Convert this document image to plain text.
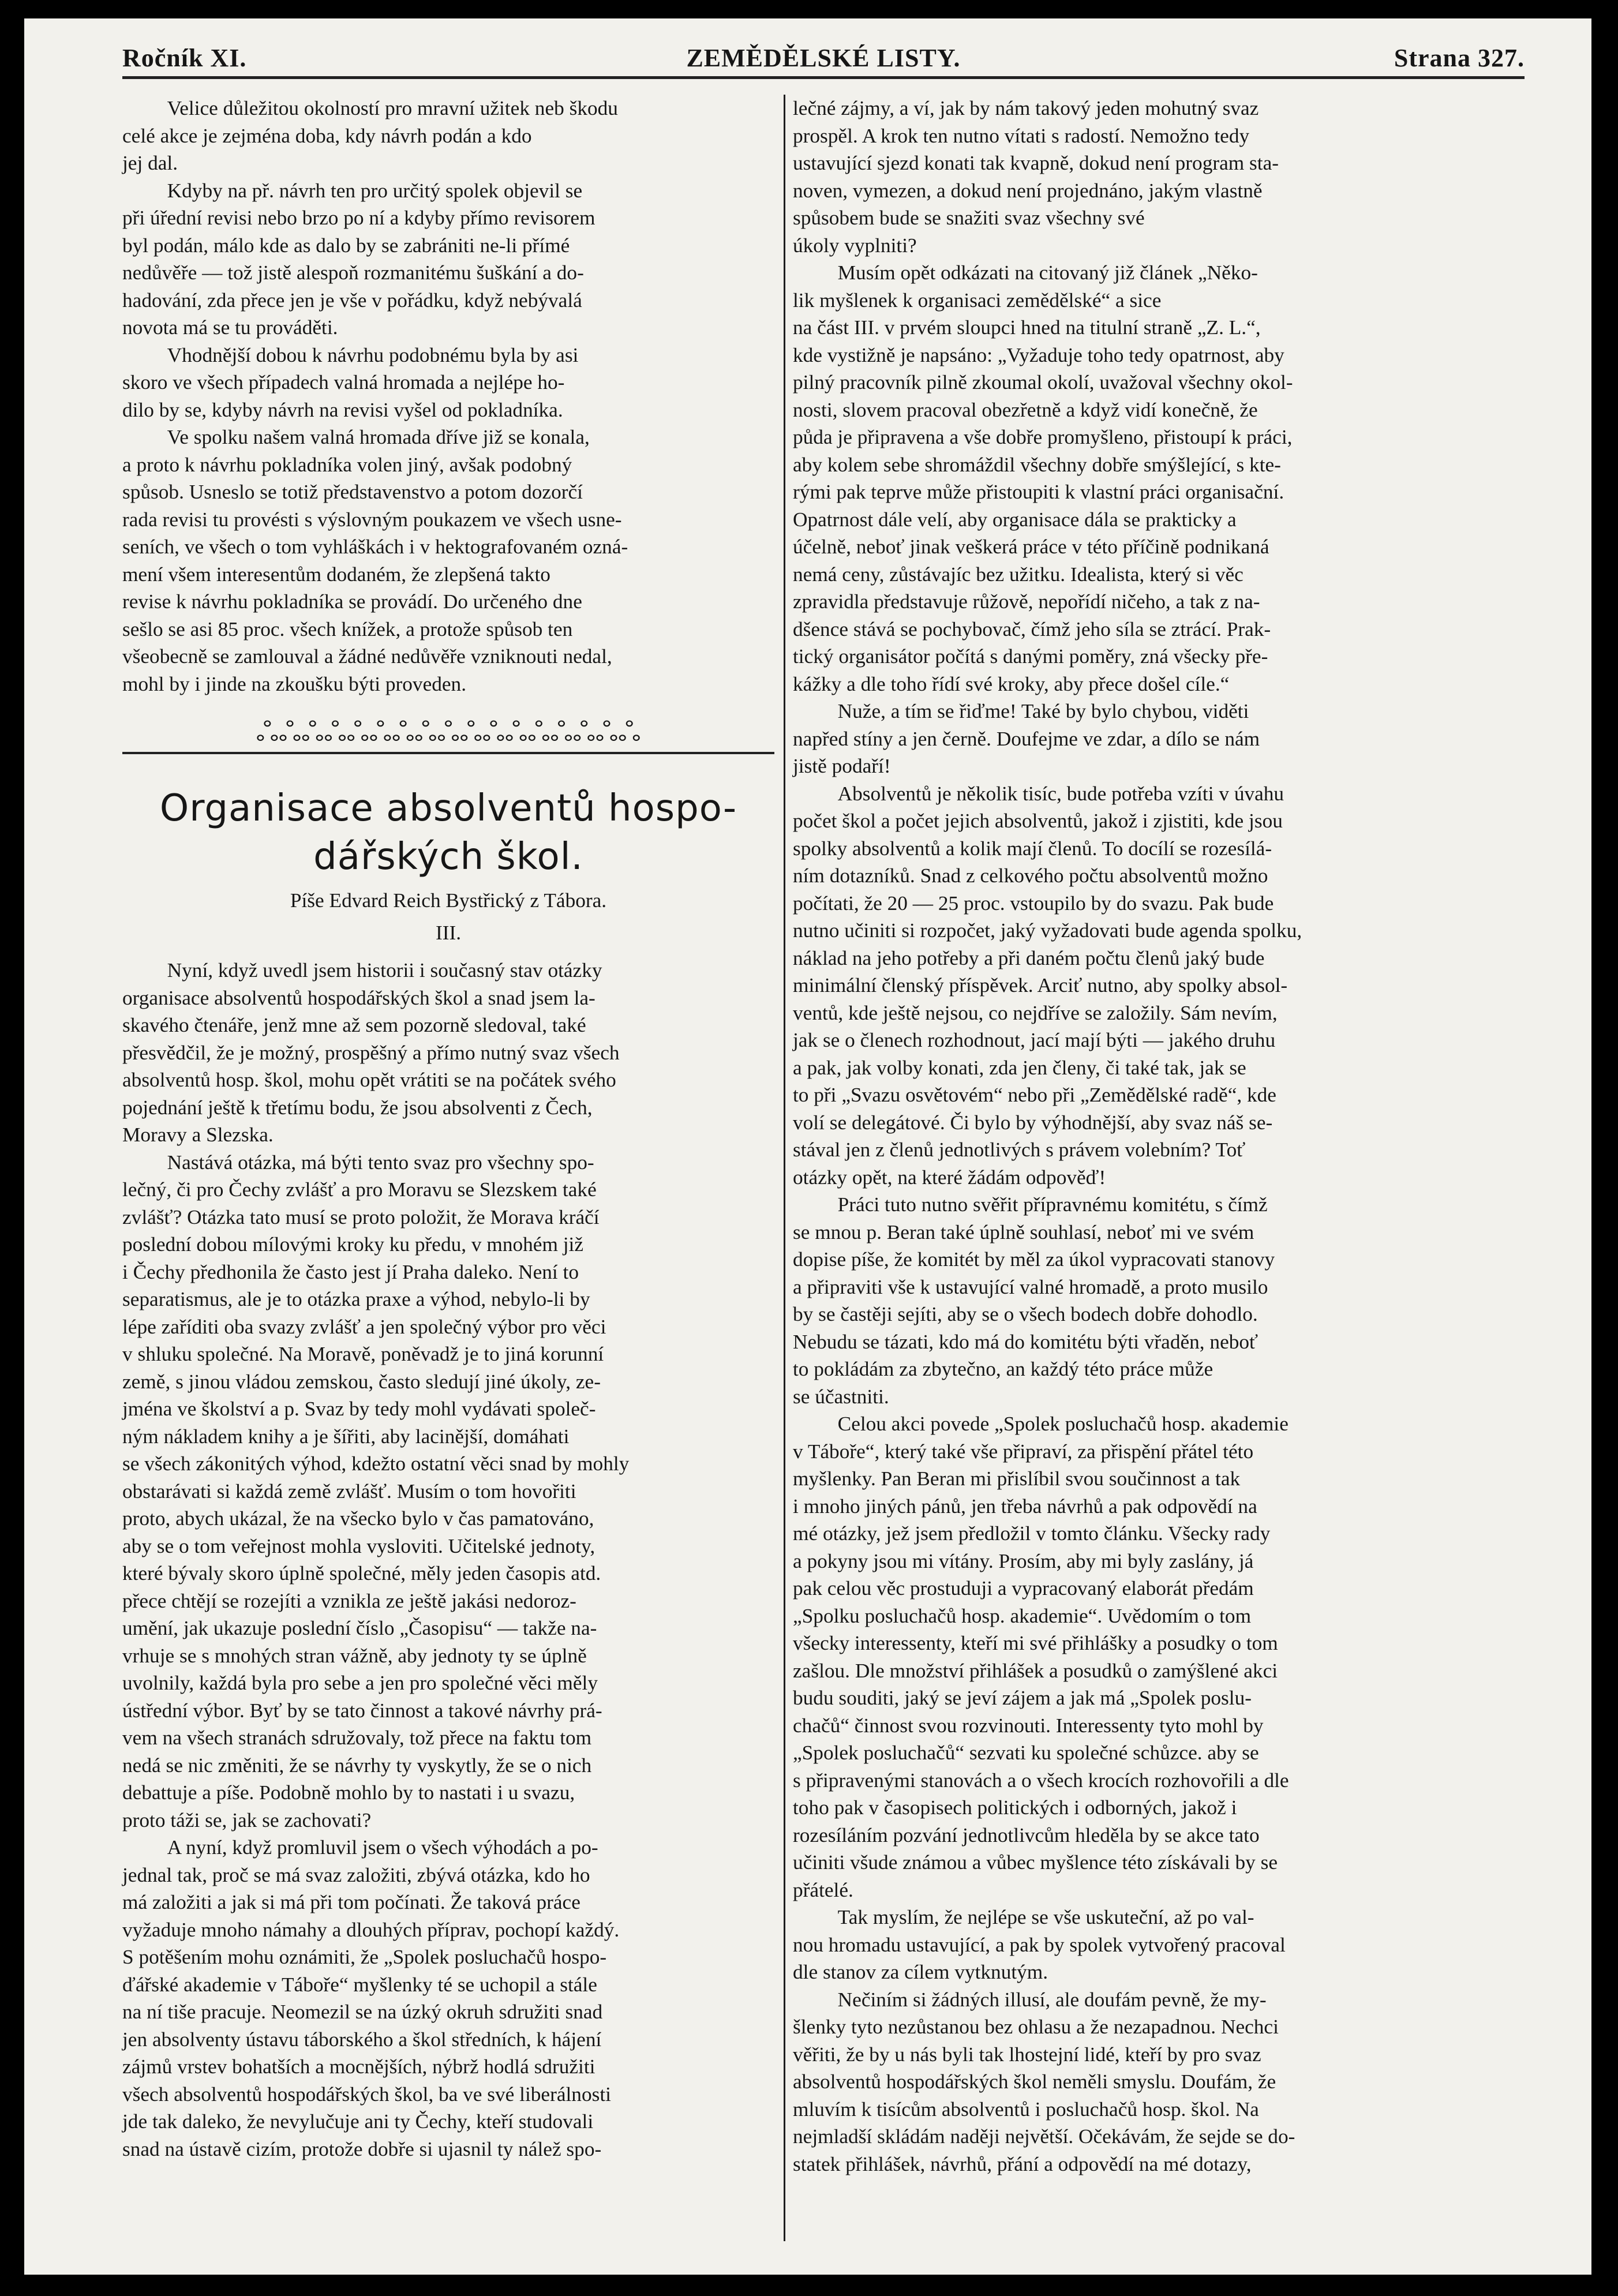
Ročník XI.	ZEMĚDĚLSKÉ LISTY.	Strana 327.

Velice důležitou okolností pro mravní užitek neb škodu
celé akce je zejména doba, kdy návrh podán a kdo
jej dal.

Kdyby na př. návrh ten pro určitý spolek objevil se
při úřední revisi nebo brzo po ní a kdyby přímo revisorem
byl podán, málo kde as dalo by se zabrániti ne-li přímé
nedůvěře — tož jistě alespoň rozmanitému šuškání a do-
hadování, zda přece jen je vše v pořádku, když nebývalá
novota má se tu prováděti.

Vhodnější dobou k návrhu podobnému byla by asi
skoro ve všech případech valná hromada a nejlépe ho-
dilo by se, kdyby návrh na revisi vyšel od pokladníka.

Ve spolku našem valná hromada dříve již se konala,
a proto k návrhu pokladníka volen jiný, avšak podobný
spůsob. Usneslo se totiž představenstvo a potom dozorčí
rada revisi tu provésti s výslovným poukazem ve všech usne-
seních, ve všech o tom vyhláškách i v hektografovaném ozná-
mení všem interesentům dodaném, že zlepšená takto
revise k návrhu pokladníka se provádí. Do určeného dne
sešlo se asi 85 proc. všech knížek, a protože spůsob ten
všeobecně se zamlouval a žádné nedůvěře vzniknouti nedal,
mohl by i jinde na zkoušku býti proveden.

ஃஃஃஃஃஃஃஃஃஃஃஃஃஃஃஃஃ
Organisace absolventů hospo-
dářských škol.

Píše Edvard Reich Bystřický z Tábora.

III.

Nyní, když uvedl jsem historii i současný stav otázky
organisace absolventů hospodářských škol a snad jsem la-
skavého čtenáře, jenž mne až sem pozorně sledoval, také
přesvědčil, že je možný, prospěšný a přímo nutný svaz všech
absolventů hosp. škol, mohu opět vrátiti se na počátek svého
pojednání ještě k třetímu bodu, že jsou absolventi z Čech,
Moravy a Slezska.

Nastává otázka, má býti tento svaz pro všechny spo-
lečný, či pro Čechy zvlášť a pro Moravu se Slezskem také
zvlášť? Otázka tato musí se proto položit, že Morava kráčí
poslední dobou mílovými kroky ku předu, v mnohém již
i Čechy předhonila že často jest jí Praha daleko. Není to
separatismus, ale je to otázka praxe a výhod, nebylo-li by
lépe zaříditi oba svazy zvlášť a jen společný výbor pro věci
v shluku společné. Na Moravě, poněvadž je to jiná korunní
země, s jinou vládou zemskou, často sledují jiné úkoly, ze-
jména ve školství a p. Svaz by tedy mohl vydávati společ-
ným nákladem knihy a je šířiti, aby lacinější, domáhati
se všech zákonitých výhod, kdežto ostatní věci snad by mohly
obstarávati si každá země zvlášť. Musím o tom hovořiti
proto, abych ukázal, že na všecko bylo v čas pamatováno,
aby se o tom veřejnost mohla vysloviti. Učitelské jednoty,
které bývaly skoro úplně společné, měly jeden časopis atd.
přece chtějí se rozejíti a vznikla ze ještě jakási nedoroz-
umění, jak ukazuje poslední číslo „Časopisu“ — takže na-
vrhuje se s mnohých stran vážně, aby jednoty ty se úplně
uvolnily, každá byla pro sebe a jen pro společné věci měly
ústřední výbor. Byť by se tato činnost a takové návrhy prá-
vem na všech stranách sdružovaly, tož přece na faktu tom
nedá se nic změniti, že se návrhy ty vyskytly, že se o nich
debattuje a píše. Podobně mohlo by to nastati i u svazu,
proto táži se, jak se zachovati?

A nyní, když promluvil jsem o všech výhodách a po-
jednal tak, proč se má svaz založiti, zbývá otázka, kdo ho
má založiti a jak si má při tom počínati. Že taková práce
vyžaduje mnoho námahy a dlouhých příprav, pochopí každý.
S potěšením mohu oznámiti, že „Spolek posluchačů hospo-
ďářské akademie v Táboře“ myšlenky té se uchopil a stále
na ní tiše pracuje. Neomezil se na úzký okruh sdružiti snad
jen absolventy ústavu táborského a škol středních, k hájení
zájmů vrstev bohatších a mocnějších, nýbrž hodlá sdružiti
všech absolventů hospodářských škol, ba ve své liberálnosti
jde tak daleko, že nevylučuje ani ty Čechy, kteří studovali
snad na ústavě cizím, protože dobře si ujasnil ty nálež spo-

lečné zájmy, a ví, jak by nám takový jeden mohutný svaz
prospěl. A krok ten nutno vítati s radostí. Nemožno tedy
ustavující sjezd konati tak kvapně, dokud není program sta-
noven, vymezen, a dokud není projednáno, jakým vlastně
spůsobem bude se snažiti svaz všechny své
úkoly vyplniti?

Musím opět odkázati na citovaný již článek „Něko-
lik myšlenek k organisaci zemědělské“ a sice
na část III. v prvém sloupci hned na titulní straně „Z. L.“,
kde vystižně je napsáno: „Vyžaduje toho tedy opatrnost, aby
pilný pracovník pilně zkoumal okolí, uvažoval všechny okol-
nosti, slovem pracoval obezřetně a když vidí konečně, že
půda je připravena a vše dobře promyšleno, přistoupí k práci,
aby kolem sebe shromáždil všechny dobře smýšlející, s kte-
rými pak teprve může přistoupiti k vlastní práci organisační.
Opatrnost dále velí, aby organisace dála se prakticky a
účelně, neboť jinak veškerá práce v této příčině podnikaná
nemá ceny, zůstávajíc bez užitku. Idealista, který si věc
zpravidla představuje růžově, nepořídí ničeho, a tak z na-
dšence stává se pochybovač, čímž jeho síla se ztrácí. Prak-
tický organisátor počítá s danými poměry, zná všecky pře-
kážky a dle toho řídí své kroky, aby přece došel cíle.“

Nuže, a tím se řiďme! Také by bylo chybou, viděti
napřed stíny a jen černě. Doufejme ve zdar, a dílo se nám
jistě podaří!

Absolventů je několik tisíc, bude potřeba vzíti v úvahu
počet škol a počet jejich absolventů, jakož i zjistiti, kde jsou
spolky absolventů a kolik mají členů. To docílí se rozesílá-
ním dotazníků. Snad z celkového počtu absolventů možno
počítati, že 20 — 25 proc. vstoupilo by do svazu. Pak bude
nutno učiniti si rozpočet, jaký vyžadovati bude agenda spolku,
náklad na jeho potřeby a při daném počtu členů jaký bude
minimální členský příspěvek. Arciť nutno, aby spolky absol-
ventů, kde ještě nejsou, co nejdříve se založily. Sám nevím,
jak se o členech rozhodnout, jací mají býti — jakého druhu
a pak, jak volby konati, zda jen členy, či také tak, jak se
to při „Svazu osvětovém“ nebo při „Zemědělské radě“, kde
volí se delegátové. Či bylo by výhodnější, aby svaz náš se-
stával jen z členů jednotlivých s právem volebním? Toť
otázky opět, na které žádám odpověď!

Práci tuto nutno svěřit přípravnému komitétu, s čímž
se mnou p. Beran také úplně souhlasí, neboť mi ve svém
dopise píše, že komitét by měl za úkol vypracovati stanovy
a připraviti vše k ustavující valné hromadě, a proto musilo
by se častěji sejíti, aby se o všech bodech dobře dohodlo.
Nebudu se tázati, kdo má do komitétu býti vřaděn, neboť
to pokládám za zbytečno, an každý této práce může
se účastniti.

Celou akci povede „Spolek posluchačů hosp. akademie
v Táboře“, který také vše připraví, za přispění přátel této
myšlenky. Pan Beran mi přislíbil svou součinnost a tak
i mnoho jiných pánů, jen třeba návrhů a pak odpovědí na
mé otázky, jež jsem předložil v tomto článku. Všecky rady
a pokyny jsou mi vítány. Prosím, aby mi byly zaslány, já
pak celou věc prostuduji a vypracovaný elaborát předám
„Spolku posluchačů hosp. akademie“. Uvědomím o tom
všecky interessenty, kteří mi své přihlášky a posudky o tom
zašlou. Dle množství přihlášek a posudků o zamýšlené akci
budu souditi, jaký se jeví zájem a jak má „Spolek poslu-
chačů“ činnost svou rozvinouti. Interessenty tyto mohl by
„Spolek posluchačů“ sezvati ku společné schůzce. aby se
s připravenými stanovách a o všech krocích rozhovořili a dle
toho pak v časopisech politických i odborných, jakož i
rozesíláním pozvání jednotlivcům hleděla by se akce tato
učiniti všude známou a vůbec myšlence této získávali by se
přátelé.

Tak myslím, že nejlépe se vše uskuteční, až po val-
nou hromadu ustavující, a pak by spolek vytvořený pracoval
dle stanov za cílem vytknutým.

Nečiním si žádných illusí, ale doufám pevně, že my-
šlenky tyto nezůstanou bez ohlasu a že nezapadnou. Nechci
věřiti, že by u nás byli tak lhostejní lidé, kteří by pro svaz
absolventů hospodářských škol neměli smyslu. Doufám, že
mluvím k tisícům absolventů i posluchačů hosp. škol. Na
nejmladší skládám naději největší. Očekávám, že sejde se do-
statek přihlášek, návrhů, přání a odpovědí na mé dotazy,
